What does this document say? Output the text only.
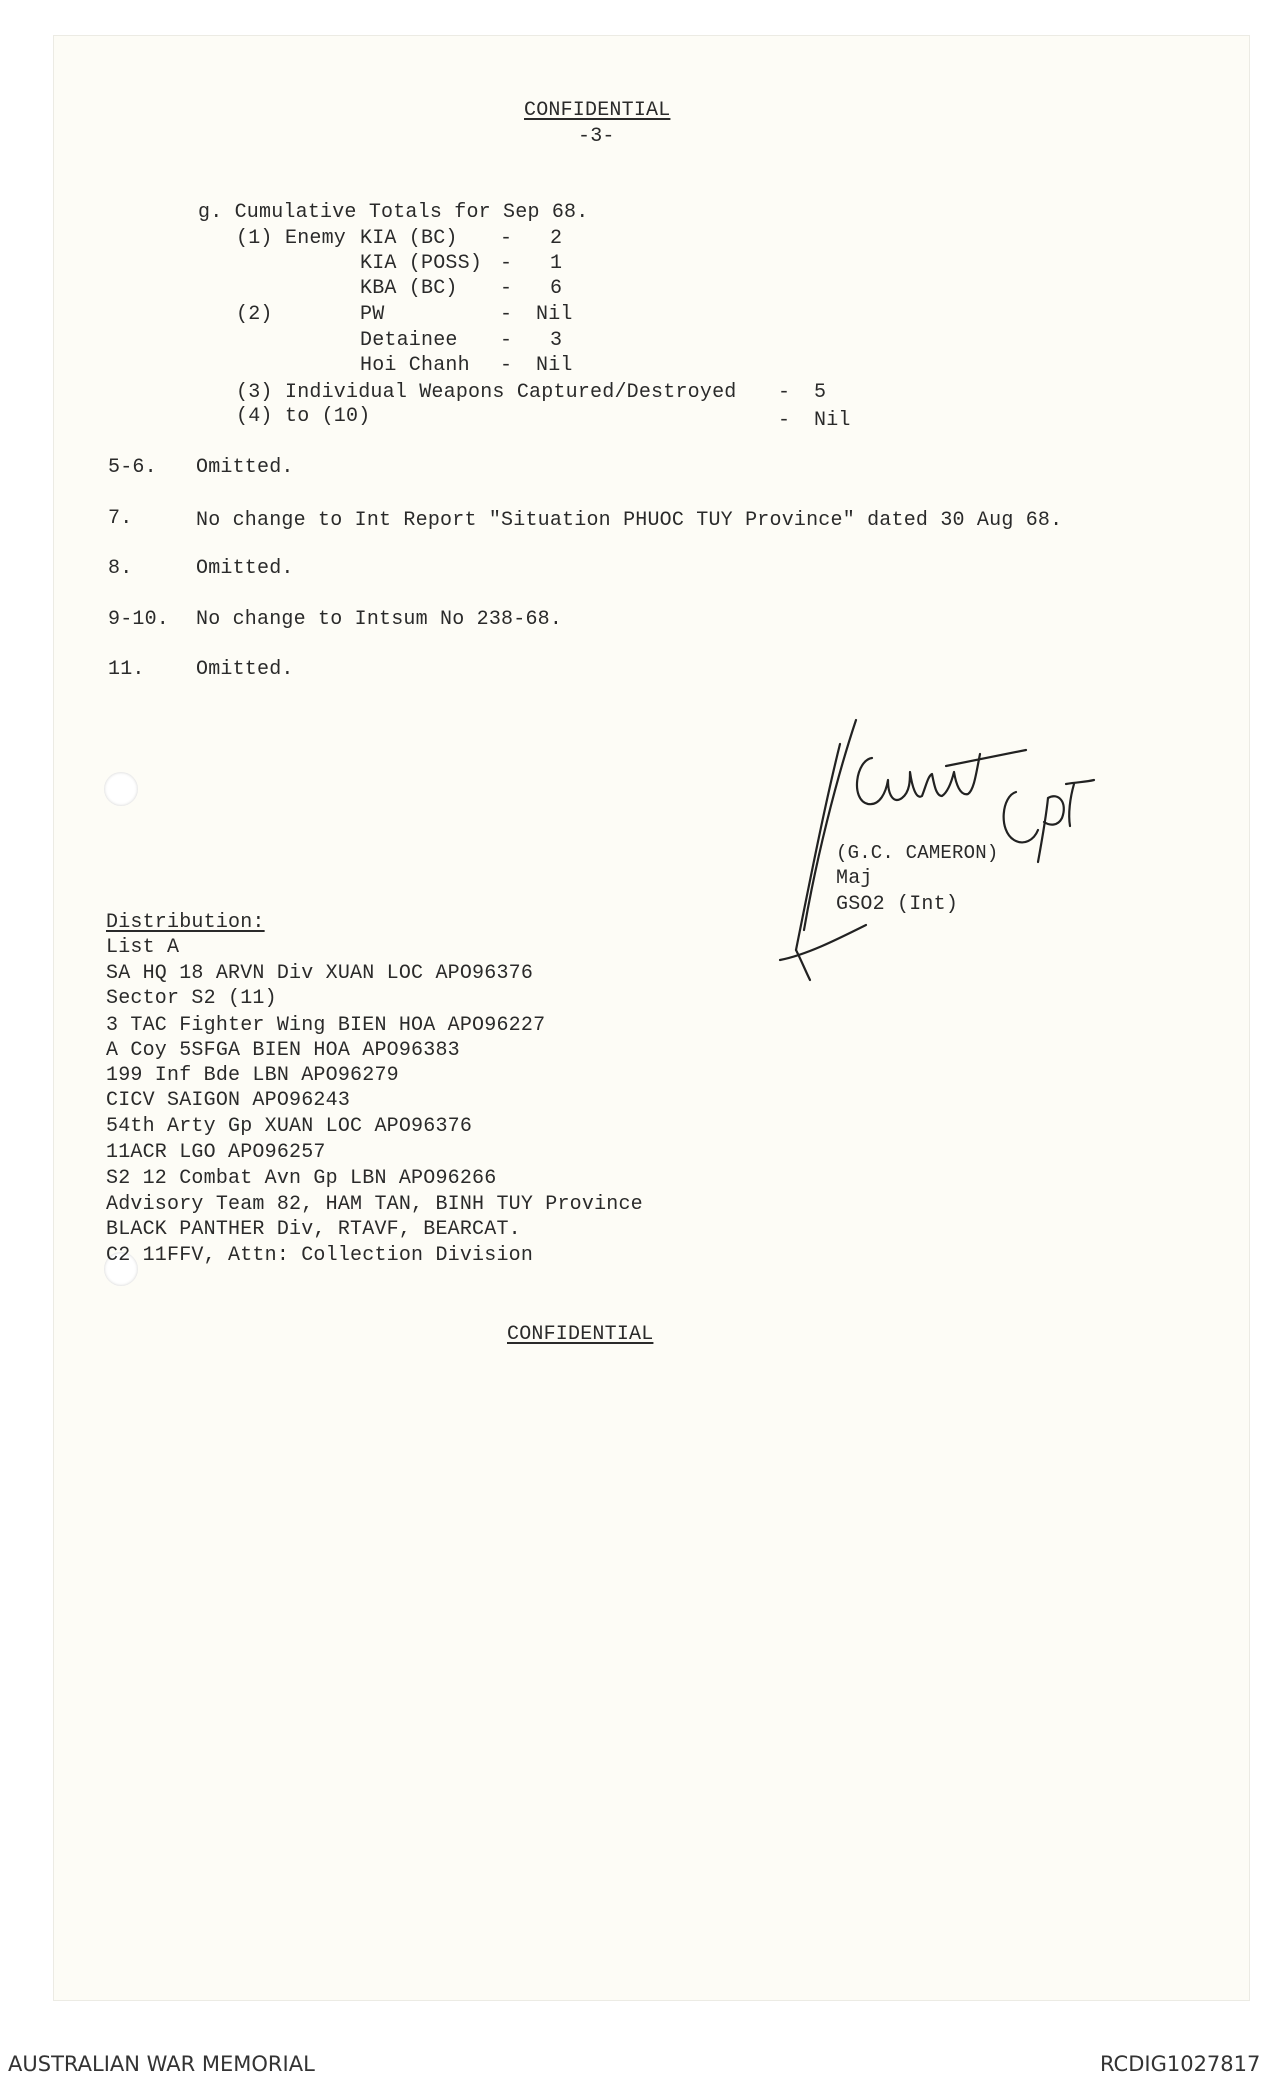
CONFIDENTIAL
-3-
g. Cumulative Totals for Sep 68.
(1) Enemy KIA (BC) - 2
KIA (POSS) - 1
KBA (BC) - 6
(2)	PW	- Nil
Detainee - 3
Hoi Chanh - Nil
(3) Individual Weapons Captured/Destroyed - 5
(4) to (10)	- Nil
5-6. Omitted.
7.	No change to Int Report "Situation PHUOC TUY Province" dated 30 Aug 68.
8.	Omitted.
9-10. No change to Intsum No 238-68.
11.	Omitted.
(G.C. CAMERON)
Maj
GSO2 (Int)
Distribution:
List A
SA HQ 18 ARVN Div XUAN LOC APO96376
Sector S2 (11)
3 TAC Fighter Wing BIEN HOA APO96227
A Coy 5SFGA BIEN HOA APO96383
199 Inf Bde LBN APO96279
CICV SAIGON APO96243
54th Arty Gp XUAN LOC APO96376
11ACR LGO APO96257
S2 12 Combat Avn Gp LBN APO96266
Advisory Team 82, HAM TAN, BINH TUY Province
BLACK PANTHER Div, RTAVF, BEARCAT.
C2 11FFV, Attn: Collection Division
CONFIDENTIAL
AUSTRALIAN WAR MEMORIAL	RCDIG1027817
